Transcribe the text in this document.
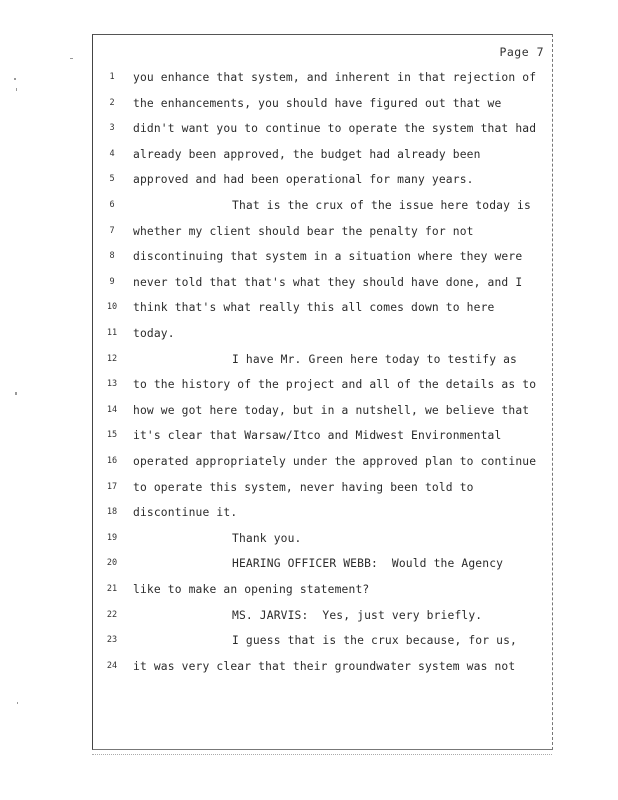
Page 7
1	you enhance that system, and inherent in that rejection of
2	the enhancements, you should have figured out that we
3	didn't want you to continue to operate the system that had
4	already been approved, the budget had already been
5	approved and had been operational for many years.
6	That is the crux of the issue here today is
7	whether my client should bear the penalty for not
8	discontinuing that system in a situation where they were
9	never told that that's what they should have done, and I
10	think that's what really this all comes down to here
11	today.
12	I have Mr. Green here today to testify as
13	to the history of the project and all of the details as to
14	how we got here today, but in a nutshell, we believe that
15	it's clear that Warsaw/Itco and Midwest Environmental
16	operated appropriately under the approved plan to continue
17	to operate this system, never having been told to
18	discontinue it.
19	Thank you.
20	HEARING OFFICER WEBB:  Would the Agency
21	like to make an opening statement?
22	MS. JARVIS:  Yes, just very briefly.
23	I guess that is the crux because, for us,
24	it was very clear that their groundwater system was not
